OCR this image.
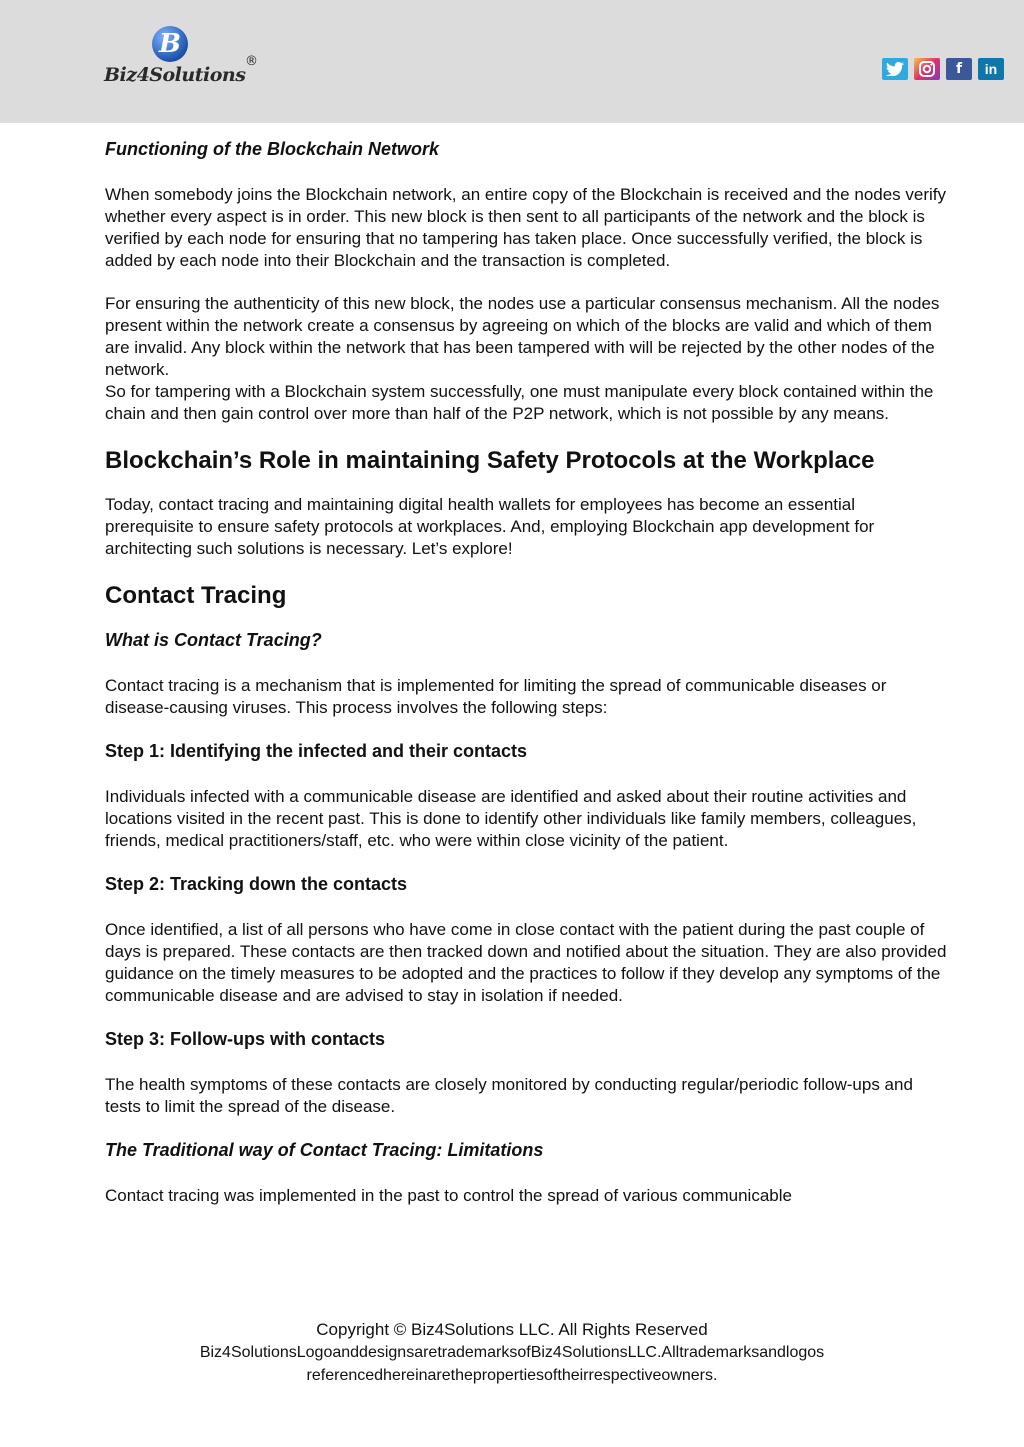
B
Biz4Solutions
®	f	in
Functioning of the Blockchain Network

When somebody joins the Blockchain network, an entire copy of the Blockchain is received and the nodes verify whether every aspect is in order. This new block is then sent to all participants of the network and the block is verified by each node for ensuring that no tampering has taken place. Once successfully verified, the block is added by each node into their Blockchain and the transaction is completed.

For ensuring the authenticity of this new block, the nodes use a particular consensus mechanism. All the nodes present within the network create a consensus by agreeing on which of the blocks are valid and which of them are invalid. Any block within the network that has been tampered with will be rejected by the other nodes of the network.

So for tampering with a Blockchain system successfully, one must manipulate every block contained within the chain and then gain control over more than half of the P2P network, which is not possible by any means.

Blockchain’s Role in maintaining Safety Protocols at the Workplace

Today, contact tracing and maintaining digital health wallets for employees has become an essential prerequisite to ensure safety protocols at workplaces. And, employing Blockchain app development for architecting such solutions is necessary. Let’s explore!

Contact Tracing
What is Contact Tracing?

Contact tracing is a mechanism that is implemented for limiting the spread of communicable diseases or disease-causing viruses. This process involves the following steps:

Step 1: Identifying the infected and their contacts

Individuals infected with a communicable disease are identified and asked about their routine activities and locations visited in the recent past. This is done to identify other individuals like family members, colleagues, friends, medical practitioners/staff, etc. who were within close vicinity of the patient.

Step 2: Tracking down the contacts

Once identified, a list of all persons who have come in close contact with the patient during the past couple of days is prepared. These contacts are then tracked down and notified about the situation. They are also provided guidance on the timely measures to be adopted and the practices to follow if they develop any symptoms of the communicable disease and are advised to stay in isolation if needed.

Step 3: Follow-ups with contacts

The health symptoms of these contacts are closely monitored by conducting regular/periodic follow-ups and tests to limit the spread of the disease.

The Traditional way of Contact Tracing: Limitations

Contact tracing was implemented in the past to control the spread of various communicable

Copyright © Biz4Solutions LLC. All Rights Reserved
Biz4SolutionsLogoanddesignsaretrademarksofBiz4SolutionsLLC.Alltrademarksandlogos
referencedhereinarethepropertiesoftheirrespectiveowners.
